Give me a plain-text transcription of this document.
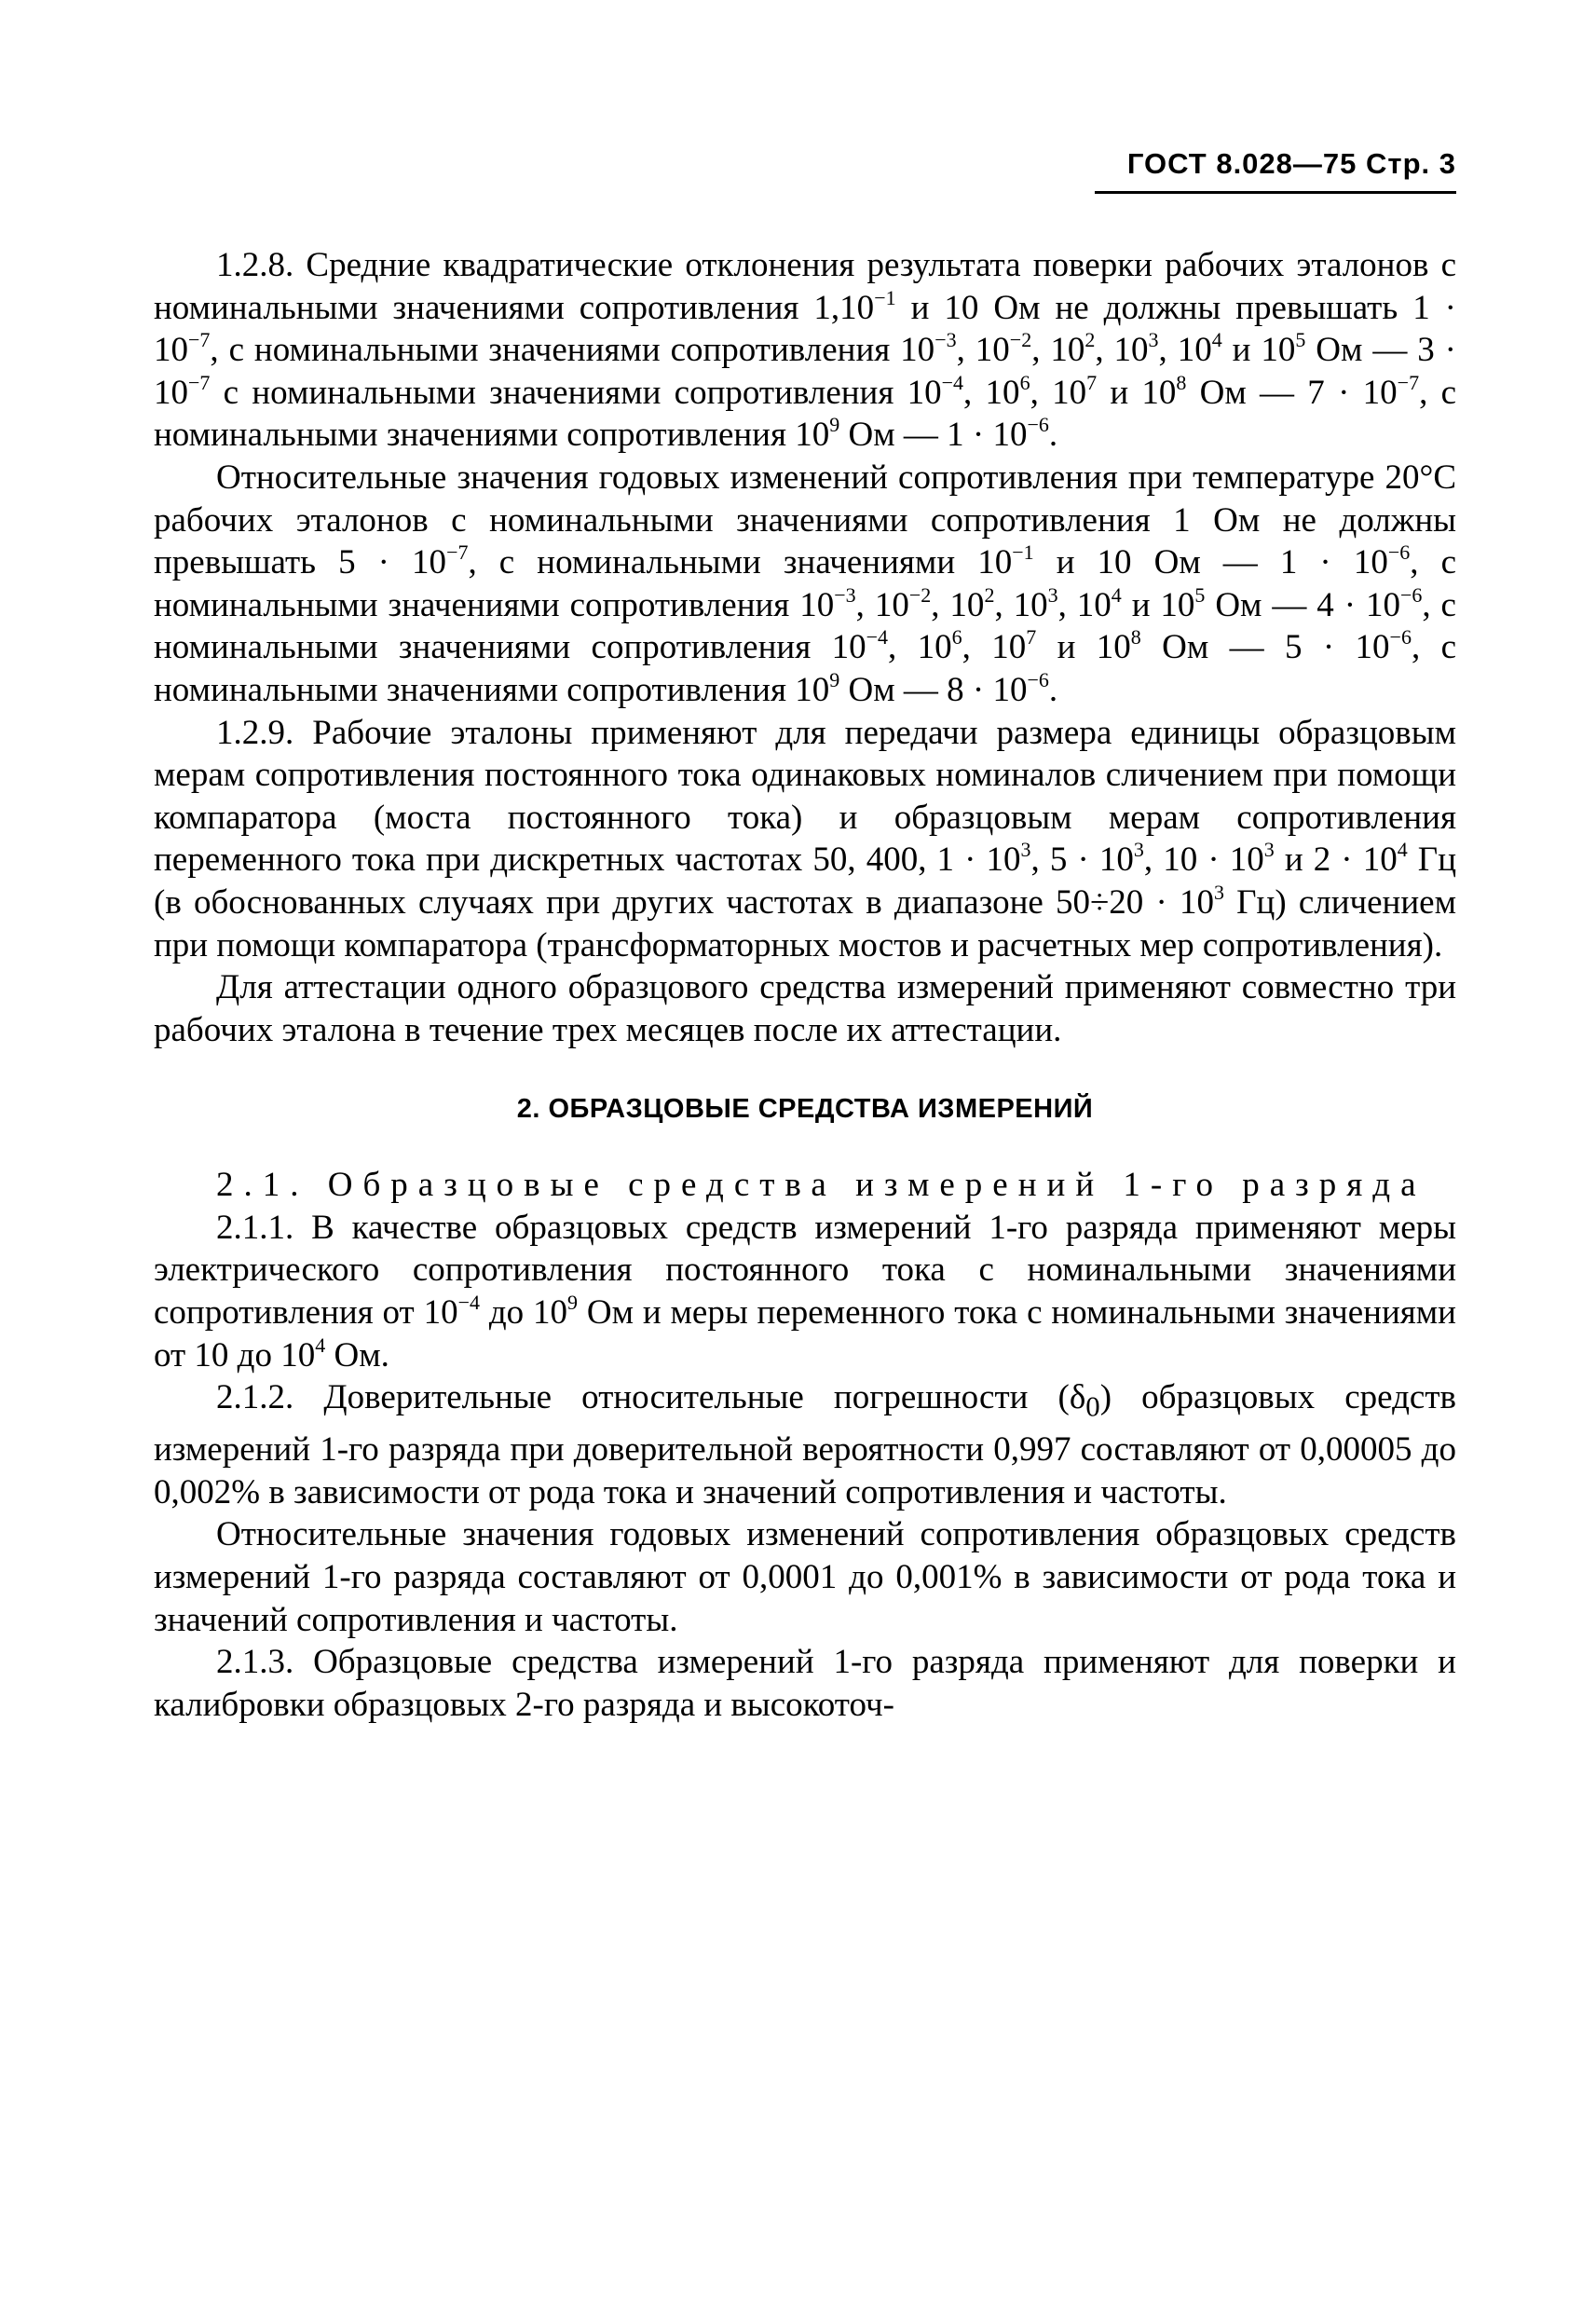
ГОСТ 8.028—75 Стр. 3

1.2.8. Средние квадратические отклонения результата поверки рабочих эталонов с номинальными значениями сопротивления $1,10^{-1}$ и 10 Ом не должны превышать $1 \cdot 10^{-7}$, с номинальными значениями сопротивления $10^{-3}$, $10^{-2}$, $10^2$, $10^3$, $10^4$ и $10^5$ Ом — $3 \cdot 10^{-7}$ с номинальными значениями сопротивления $10^{-4}$, $10^6$, $10^7$ и $10^8$ Ом — $7 \cdot 10^{-7}$, с номинальными значениями сопротивления $10^9$ Ом — $1 \cdot 10^{-6}$.

Относительные значения годовых изменений сопротивления при температуре 20°С рабочих эталонов с номинальными значениями сопротивления 1 Ом не должны превышать $5 \cdot 10^{-7}$, с номинальными значениями $10^{-1}$ и 10 Ом — $1 \cdot 10^{-6}$, с номинальными значениями сопротивления $10^{-3}$, $10^{-2}$, $10^2$, $10^3$, $10^4$ и $10^5$ Ом — $4 \cdot 10^{-6}$, с номинальными значениями сопротивления $10^{-4}$, $10^6$, $10^7$ и $10^8$ Ом — $5 \cdot 10^{-6}$, с номинальными значениями сопротивления $10^9$ Ом — $8 \cdot 10^{-6}$.

1.2.9. Рабочие эталоны применяют для передачи размера единицы образцовым мерам сопротивления постоянного тока одинаковых номиналов сличением при помощи компаратора (моста постоянного тока) и образцовым мерам сопротивления переменного тока при дискретных частотах 50, 400, $1 \cdot 10^3$, $5 \cdot 10^3$, $10 \cdot 10^3$ и $2 \cdot 10^4$ Гц (в обоснованных случаях при других частотах в диапазоне $50\div 20 \cdot 10^3$ Гц) сличением при помощи компаратора (трансформаторных мостов и расчетных мер сопротивления).

Для аттестации одного образцового средства измерений применяют совместно три рабочих эталона в течение трех месяцев после их аттестации.

2. ОБРАЗЦОВЫЕ СРЕДСТВА ИЗМЕРЕНИЙ

2.1. Образцовые средства измерений 1-го разряда

2.1.1. В качестве образцовых средств измерений 1-го разряда применяют меры электрического сопротивления постоянного тока с номинальными значениями сопротивления от $10^{-4}$ до $10^9$ Ом и меры переменного тока с номинальными значениями от 10 до $10^4$ Ом.

2.1.2. Доверительные относительные погрешности $(\delta_0)$ образцовых средств измерений 1-го разряда при доверительной вероятности 0,997 составляют от 0,00005 до 0,002% в зависимости от рода тока и значений сопротивления и частоты.

Относительные значения годовых изменений сопротивления образцовых средств измерений 1-го разряда составляют от 0,0001 до 0,001% в зависимости от рода тока и значений сопротивления и частоты.

2.1.3. Образцовые средства измерений 1-го разряда применяют для поверки и калибровки образцовых 2-го разряда и высокоточ-
